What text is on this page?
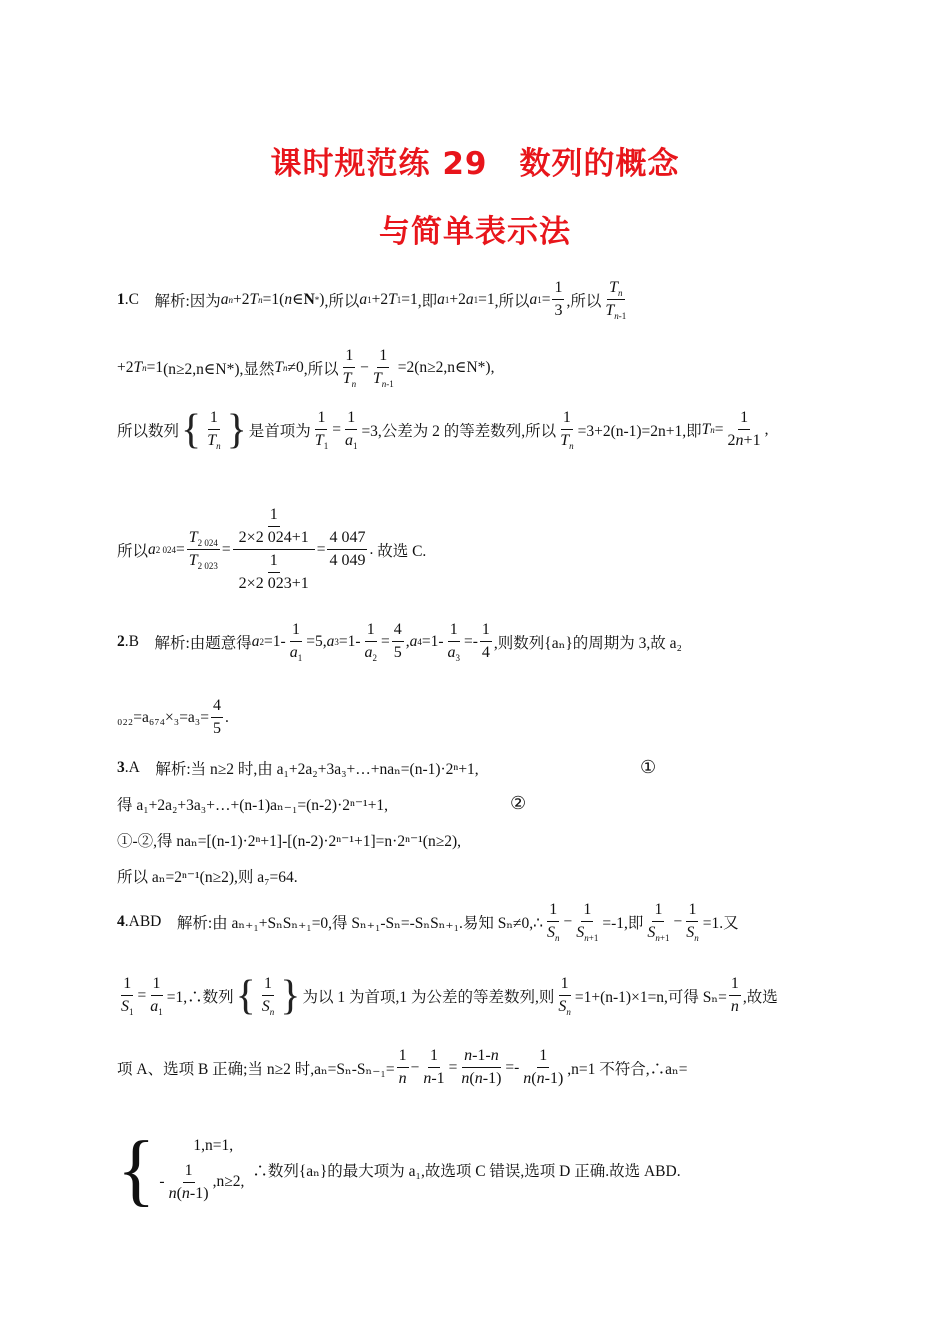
课时规范练 29　数列的概念
与简单表示法
1 . C
解析: 因为 a n +2 T n =1( n ∈ N * ) ,所以 a 1 +2 T 1 =1 ,即 a 1 +2 a 1 =1 ,所以 a $1 = \frac{1}{3}$ ,所以 $\frac{T_n}{T_{n-1}}$
+2 T n =1 (n≥2,n∈N*),显然 T n ≠0 ,所以 $\frac{1}{T_n} - \frac{1}{T_{n-1}}$ =2(n≥2,n∈N*),
所以数列 { $\frac{1}{T_n}$ } 是首项为 $\frac{1}{T_1} = \frac{1}{a_1} =3$,公差为 2 的等差数列,所以 $\frac{1}{T_n} =3+2(n-1)=2n+1$,即 T $n = \frac{1}{2n+1}$ ,
所以 a 2 $024 = \frac{T_{2 024}}{T_{2 023}} = \frac{\frac{1}{2\times 2 024+1}}{\frac{1}{2\times 2 023+1}} = \frac{4 047}{4 049}$ . 故选 C.
2 . B
解析: 由题意得 a $2 =1- \frac{1}{a_1} =5$, a $3 =1- \frac{1}{a_2} = \frac{4}{5}$ , a $4 =1- \frac{1}{a_3} =- \frac{1}{4}$ ,则数列{aₙ}的周期为 3,故 a₂
$_{022}=a_{674}\times_3=a_3= \frac{4}{5}$ .
3 . A
解析: 当 n≥2 时,由 a₁+2a₂+3a₃+…+naₙ=(n-1)·2ⁿ+1,	①
得 a₁+2a₂+3a₃+…+(n-1)aₙ₋₁=(n-2)·2ⁿ⁻¹+1,	②
①-②,得 naₙ=[(n-1)·2ⁿ+1]-[(n-2)·2ⁿ⁻¹+1]=n·2ⁿ⁻¹(n≥2),
所以 aₙ=2ⁿ⁻¹(n≥2),则 a₇=64.
4 . ABD
解析: 由 aₙ₊₁+SₙSₙ₊₁=0,得 Sₙ₊₁-Sₙ=-SₙSₙ₊₁.易知 Sₙ≠0,∴ $\frac{1}{S_n} - \frac{1}{S_{n+1}} =-1$,即 $\frac{1}{S_{n+1}} - \frac{1}{S_n} =1$.又
$\frac{1}{S_1} = \frac{1}{a_1}$ =1,∴数列 { $\frac{1}{S_n}$ } 为以 1 为首项,1 为公差的等差数列,则 $\frac{1}{S_n} =1+(n-1)\times 1=n$,可得 $S_n= \frac{1}{n}$ ,故选
项 A、选项 B 正确;当 n≥2 时$,a_n=S_n-S_{n-1}= \frac{1}{n} - \frac{1}{n-1} = \frac{n-1-n}{n(n-1)} =- \frac{1}{n(n-1)} ,n=1$ 不符合,∴aₙ=
{	1,n=1,
- $\frac{1}{n(n-1)} ,n\ge 2$,
∴数列{aₙ}的最大项为 a₁,故选项 C 错误,选项 D 正确.故选 ABD.
